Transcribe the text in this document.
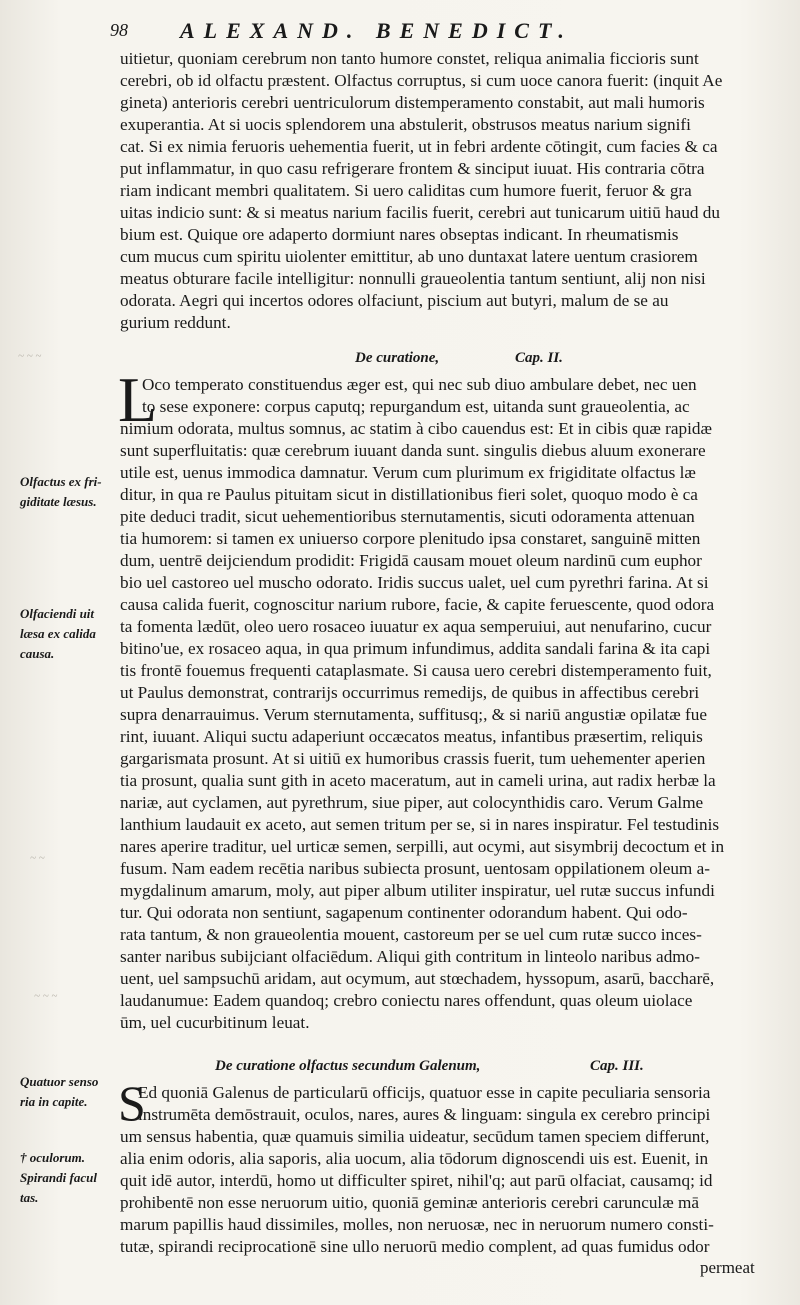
98 ALEXAND. BENEDICT.
uitietur, quoniam cerebrum non tanto humore constet, reliqua animalia ficcioris sunt
cerebri, ob id olfactu præstent. Olfactus corruptus, si cum uoce canora fuerit: (inquit Ae
gineta) anterioris cerebri uentriculorum distemperamento constabit, aut mali humoris
exuperantia. At si uocis splendorem una abstulerit, obstrusos meatus narium signifi
cat. Si ex nimia feruoris uehementia fuerit, ut in febri ardente cōtingit, cum facies & ca
put inflammatur, in quo casu refrigerare frontem & sinciput iuuat. His contraria cōtra
riam indicant membri qualitatem. Si uero caliditas cum humore fuerit, feruor & gra
uitas indicio sunt: & si meatus narium facilis fuerit, cerebri aut tunicarum uitiū haud du
bium est. Quique ore adaperto dormiunt nares obseptas indicant. In rheumatismis
cum mucus cum spiritu uiolenter emittitur, ab uno duntaxat latere uentum crasiorem
meatus obturare facile intelligitur: nonnulli graueolentia tantum sentiunt, alij non nisi
odorata. Aegri qui incertos odores olfaciunt, piscium aut butyri, malum de se au
gurium reddunt.
~ ~ ~
~ ~
~ ~ ~
De curatione,	Cap. II.
L
Oco temperato constituendus æger est, qui nec sub diuo ambulare debet, nec uen
to sese exponere: corpus caputq; repurgandum est, uitanda sunt graueolentia, ac
nimium odorata, multus somnus, ac statim à cibo cauendus est: Et in cibis quæ rapidæ
sunt superfluitatis: quæ cerebrum iuuant danda sunt. singulis diebus aluum exonerare
utile est, uenus immodica damnatur. Verum cum plurimum ex frigiditate olfactus læ
ditur, in qua re Paulus pituitam sicut in distillationibus fieri solet, quoquo modo è ca
pite deduci tradit, sicut uehementioribus sternutamentis, sicuti odoramenta attenuan
tia humorem: si tamen ex uniuerso corpore plenitudo ipsa constaret, sanguinē mitten
dum, uentrē deijciendum prodidit: Frigidā causam mouet oleum nardinū cum euphor
bio uel castoreo uel muscho odorato. Iridis succus ualet, uel cum pyrethri farina. At si
causa calida fuerit, cognoscitur narium rubore, facie, & capite feruescente, quod odora
ta fomenta lædūt, oleo uero rosaceo iuuatur ex aqua semperuiui, aut nenufarino, cucur
bitino'ue, ex rosaceo aqua, in qua primum infundimus, addita sandali farina & ita capi
tis frontē fouemus frequenti cataplasmate. Si causa uero cerebri distemperamento fuit,
ut Paulus demonstrat, contrarijs occurrimus remedijs, de quibus in affectibus cerebri
supra denarrauimus. Verum sternutamenta, suffitusq;, & si nariū angustiæ opilatæ fue
rint, iuuant. Aliqui suctu adaperiunt occæcatos meatus, infantibus præsertim, reliquis
gargarismata prosunt. At si uitiū ex humoribus crassis fuerit, tum uehementer aperien
tia prosunt, qualia sunt gith in aceto maceratum, aut in cameli urina, aut radix herbæ la
nariæ, aut cyclamen, aut pyrethrum, siue piper, aut colocynthidis caro. Verum Galme
lanthium laudauit ex aceto, aut semen tritum per se, si in nares inspiratur. Fel testudinis
nares aperire traditur, uel urticæ semen, serpilli, aut ocymi, aut sisymbrij decoctum et in
fusum. Nam eadem recētia naribus subiecta prosunt, uentosam oppilationem oleum a-
mygdalinum amarum, moly, aut piper album utiliter inspiratur, uel rutæ succus infundi
tur. Qui odorata non sentiunt, sagapenum continenter odorandum habent. Qui odo-
rata tantum, & non graueolentia mouent, castoreum per se uel cum rutæ succo inces-
santer naribus subijciant olfaciēdum. Aliqui gith contritum in linteolo naribus admo-
uent, uel sampsuchū aridam, aut ocymum, aut stœchadem, hyssopum, asarū, baccharē,
laudanumue: Eadem quandoq; crebro coniectu nares offendunt, quas oleum uiolace
ūm, uel cucurbitinum leuat.
De curatione olfactus secundum Galenum,	Cap. III.
S
Ed quoniā Galenus de particularū officijs, quatuor esse in capite peculiaria sensoria
instrumēta demōstrauit, oculos, nares, aures & linguam: singula ex cerebro principi
um sensus habentia, quæ quamuis similia uideatur, secūdum tamen speciem differunt,
alia enim odoris, alia saporis, alia uocum, alia tōdorum dignoscendi uis est. Euenit, in
quit idē autor, interdū, homo ut difficulter spiret, nihil'q; aut parū olfaciat, causamq; id
prohibentē non esse neruorum uitio, quoniā geminæ anterioris cerebri carunculæ mā
marum papillis haud dissimiles, molles, non neruosæ, nec in neruorum numero consti-
tutæ, spirandi reciprocationē sine ullo neruorū medio complent, ad quas fumidus odor
permeat
Olfactus ex fri-
giditate læsus.
Olfaciendi uit
læsa ex calida
causa.
Quatuor senso
ria in capite.
† oculorum.
Spirandi facul
tas.
